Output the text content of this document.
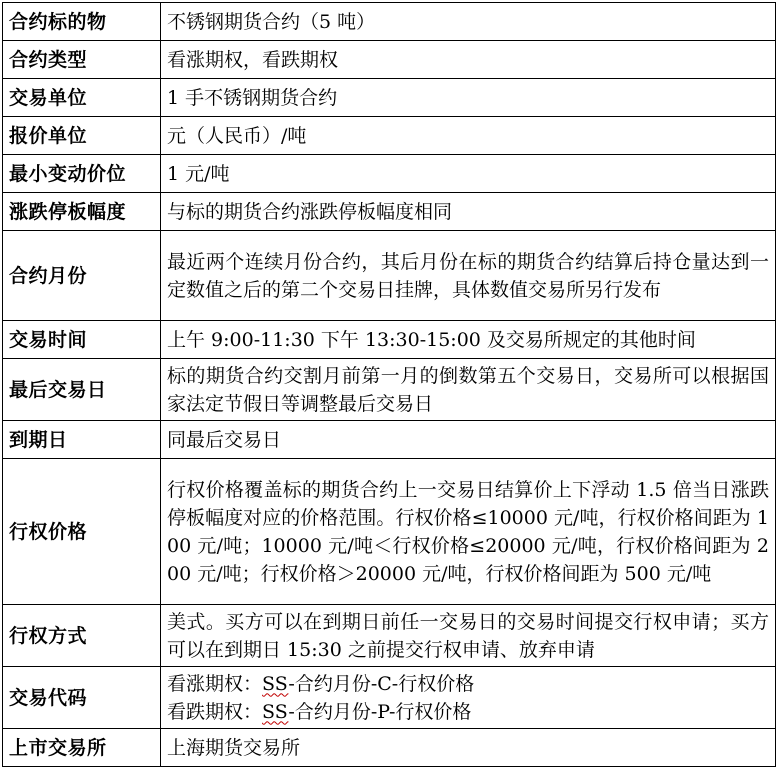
合约标的物	不锈钢期货合约（5 吨）
合约类型	看涨期权，看跌期权
交易单位	1 手不锈钢期货合约
报价单位	元（人民币）/吨
最小变动价位	1 元/吨
涨跌停板幅度	与标的期货合约涨跌停板幅度相同
合约月份	最近两个连续月份合约，其后月份在标的期货合约结算后持仓量达到一定数值之后的第二个交易日挂牌，具体数值交易所另行发布
交易时间	上午 9:00-11:30 下午 13:30-15:00 及交易所规定的其他时间
最后交易日	标的期货合约交割月前第一月的倒数第五个交易日，交易所可以根据国家法定节假日等调整最后交易日
到期日	同最后交易日
行权价格	行权价格覆盖标的期货合约上一交易日结算价上下浮动 1.5 倍当日涨跌停板幅度对应的价格范围。行权价格≤10000 元/吨，行权价格间距为 100 元/吨；10000 元/吨＜行权价格≤20000 元/吨，行权价格间距为 200 元/吨；行权价格＞20000 元/吨，行权价格间距为 500 元/吨
行权方式	美式。买方可以在到期日前任一交易日的交易时间提交行权申请；买方可以在到期日 15:30 之前提交行权申请、放弃申请
交易代码	看涨期权：SS-合约月份-C-行权价格
看跌期权：SS-合约月份-P-行权价格

上市交易所	上海期货交易所
